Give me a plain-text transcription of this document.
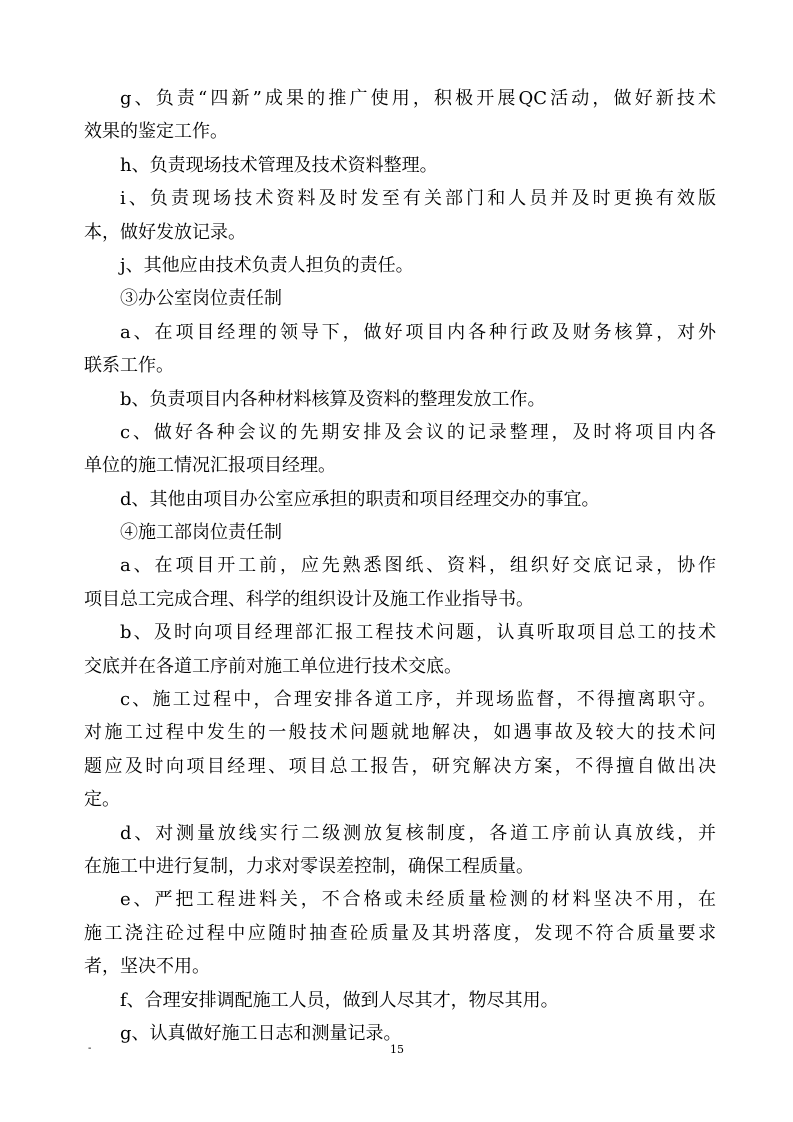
g、负责“四新”成果的推广使用，积极开展QC活动，做好新技术
效果的鉴定工作。
h、负责现场技术管理及技术资料整理。
i、负责现场技术资料及时发至有关部门和人员并及时更换有效版
本，做好发放记录。
j、其他应由技术负责人担负的责任。
③办公室岗位责任制
a、在项目经理的领导下，做好项目内各种行政及财务核算，对外
联系工作。
b、负责项目内各种材料核算及资料的整理发放工作。
c、做好各种会议的先期安排及会议的记录整理，及时将项目内各
单位的施工情况汇报项目经理。
d、其他由项目办公室应承担的职责和项目经理交办的事宜。
④施工部岗位责任制
a、在项目开工前，应先熟悉图纸、资料，组织好交底记录，协作
项目总工完成合理、科学的组织设计及施工作业指导书。
b、及时向项目经理部汇报工程技术问题，认真听取项目总工的技术
交底并在各道工序前对施工单位进行技术交底。
c、施工过程中，合理安排各道工序，并现场监督，不得擅离职守。
对施工过程中发生的一般技术问题就地解决，如遇事故及较大的技术问
题应及时向项目经理、项目总工报告，研究解决方案，不得擅自做出决
定。
d、对测量放线实行二级测放复核制度，各道工序前认真放线，并
在施工中进行复制，力求对零误差控制，确保工程质量。
e、严把工程进料关，不合格或未经质量检测的材料坚决不用，在
施工浇注砼过程中应随时抽查砼质量及其坍落度，发现不符合质量要求
者，坚决不用。
f、合理安排调配施工人员，做到人尽其才，物尽其用。
g、认真做好施工日志和测量记录。
-	15
